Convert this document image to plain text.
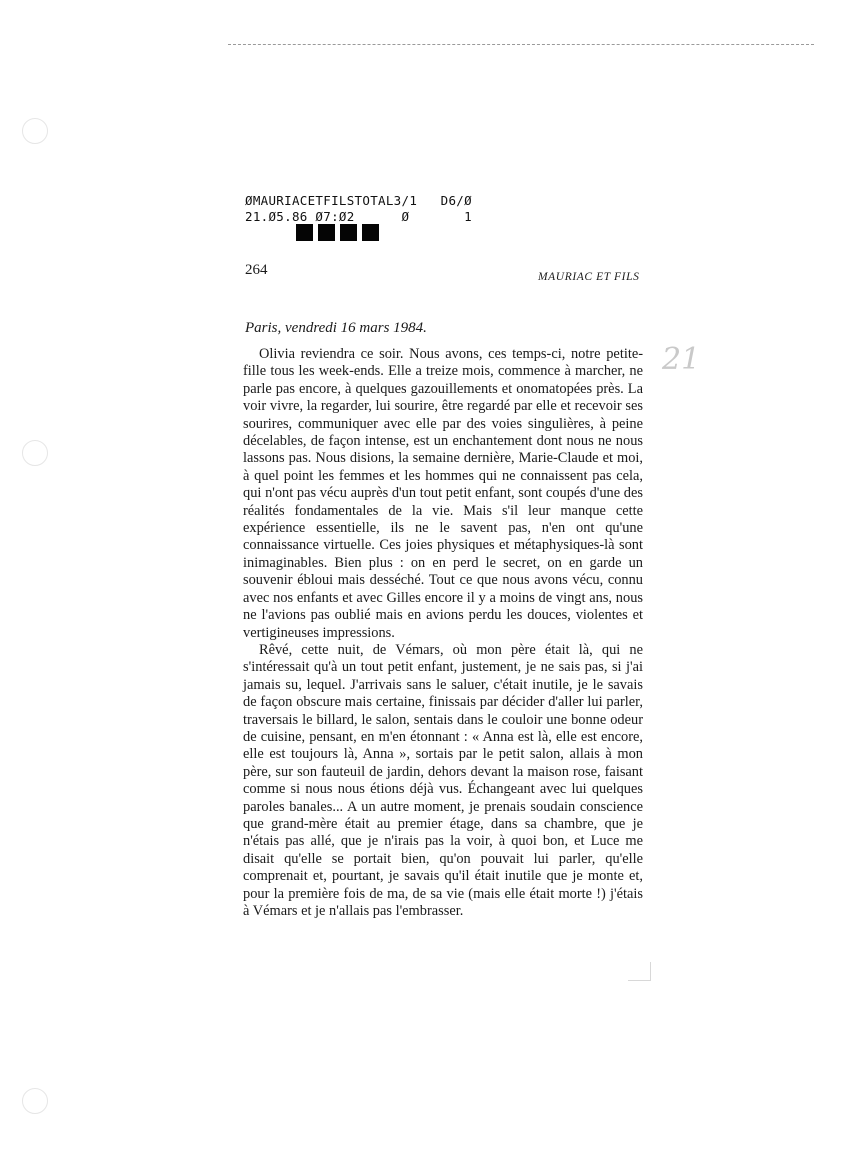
ØMAURIACETFILSTOTAL3/1   D6/Ø
21.Ø5.86 Ø7:Ø2      Ø       1
264	MAURIAC ET FILS
Paris, vendredi 16 mars 1984.

Olivia reviendra ce soir. Nous avons, ces temps-ci, notre petite-fille tous les week-ends. Elle a treize mois, commence à marcher, ne parle pas encore, à quelques gazouillements et onomatopées près. La voir vivre, la regarder, lui sourire, être regardé par elle et recevoir ses sourires, communiquer avec elle par des voies singulières, à peine décelables, de façon intense, est un enchantement dont nous ne nous lassons pas. Nous disions, la semaine dernière, Marie-Claude et moi, à quel point les femmes et les hommes qui ne connaissent pas cela, qui n'ont pas vécu auprès d'un tout petit enfant, sont coupés d'une des réalités fondamentales de la vie. Mais s'il leur manque cette expérience essentielle, ils ne le savent pas, n'en ont qu'une connaissance virtuelle. Ces joies physiques et métaphysiques-là sont inimaginables. Bien plus : on en perd le secret, on en garde un souvenir ébloui mais desséché. Tout ce que nous avons vécu, connu avec nos enfants et avec Gilles encore il y a moins de vingt ans, nous ne l'avions pas oublié mais en avions perdu les douces, violentes et vertigineuses impressions.

Rêvé, cette nuit, de Vémars, où mon père était là, qui ne s'intéressait qu'à un tout petit enfant, justement, je ne sais pas, si j'ai jamais su, lequel. J'arrivais sans le saluer, c'était inutile, je le savais de façon obscure mais certaine, finissais par décider d'aller lui parler, traversais le billard, le salon, sentais dans le couloir une bonne odeur de cuisine, pensant, en m'en étonnant : « Anna est là, elle est encore, elle est toujours là, Anna », sortais par le petit salon, allais à mon père, sur son fauteuil de jardin, dehors devant la maison rose, faisant comme si nous nous étions déjà vus. Échangeant avec lui quelques paroles banales... A un autre moment, je prenais soudain conscience que grand-mère était au premier étage, dans sa chambre, que je n'étais pas allé, que je n'irais pas la voir, à quoi bon, et Luce me disait qu'elle se portait bien, qu'on pouvait lui parler, qu'elle comprenait et, pourtant, je savais qu'il était inutile que je monte et, pour la première fois de ma, de sa vie (mais elle était morte !) j'étais à Vémars et je n'allais pas l'embrasser.

21
